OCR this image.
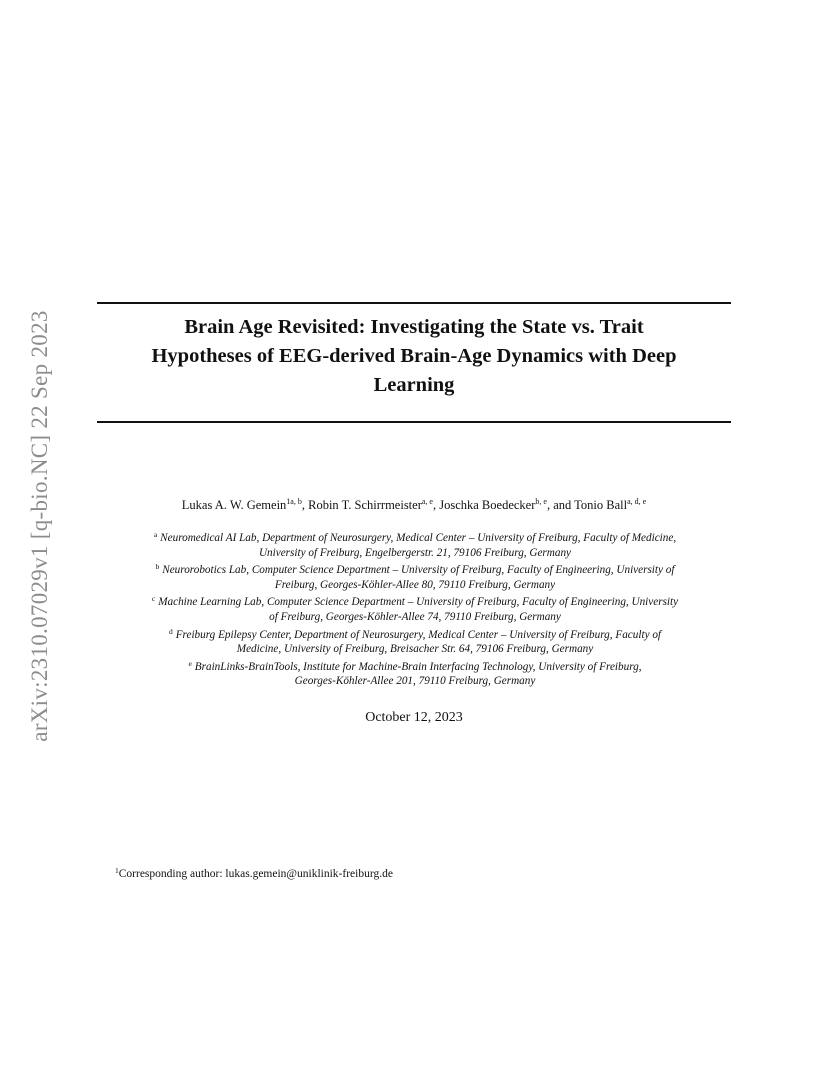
arXiv:2310.07029v1 [q-bio.NC] 22 Sep 2023	Brain Age Revisited: Investigating the State vs. Trait
Hypotheses of EEG-derived Brain-Age Dynamics with Deep
Learning
Lukas A. W. Gemein$^{1a, b}$, Robin T. Schirrmeister$^{a, e}$, Joschka Boedecker$^{b, e}$, and Tonio Ball$^{a, d, e}$
$^a$ Neuromedical AI Lab, Department of Neurosurgery, Medical Center – University of Freiburg, Faculty of Medicine,
University of Freiburg, Engelbergerstr. 21, 79106 Freiburg, Germany
$^b$ Neurorobotics Lab, Computer Science Department – University of Freiburg, Faculty of Engineering, University of
Freiburg, Georges-Köhler-Allee 80, 79110 Freiburg, Germany
$^c$ Machine Learning Lab, Computer Science Department – University of Freiburg, Faculty of Engineering, University
of Freiburg, Georges-Köhler-Allee 74, 79110 Freiburg, Germany
$^d$ Freiburg Epilepsy Center, Department of Neurosurgery, Medical Center – University of Freiburg, Faculty of
Medicine, University of Freiburg, Breisacher Str. 64, 79106 Freiburg, Germany
$^e$ BrainLinks-BrainTools, Institute for Machine-Brain Interfacing Technology, University of Freiburg,
Georges-Köhler-Allee 201, 79110 Freiburg, Germany
October 12, 2023
$^1$Corresponding author: lukas.gemein@uniklinik-freiburg.de
